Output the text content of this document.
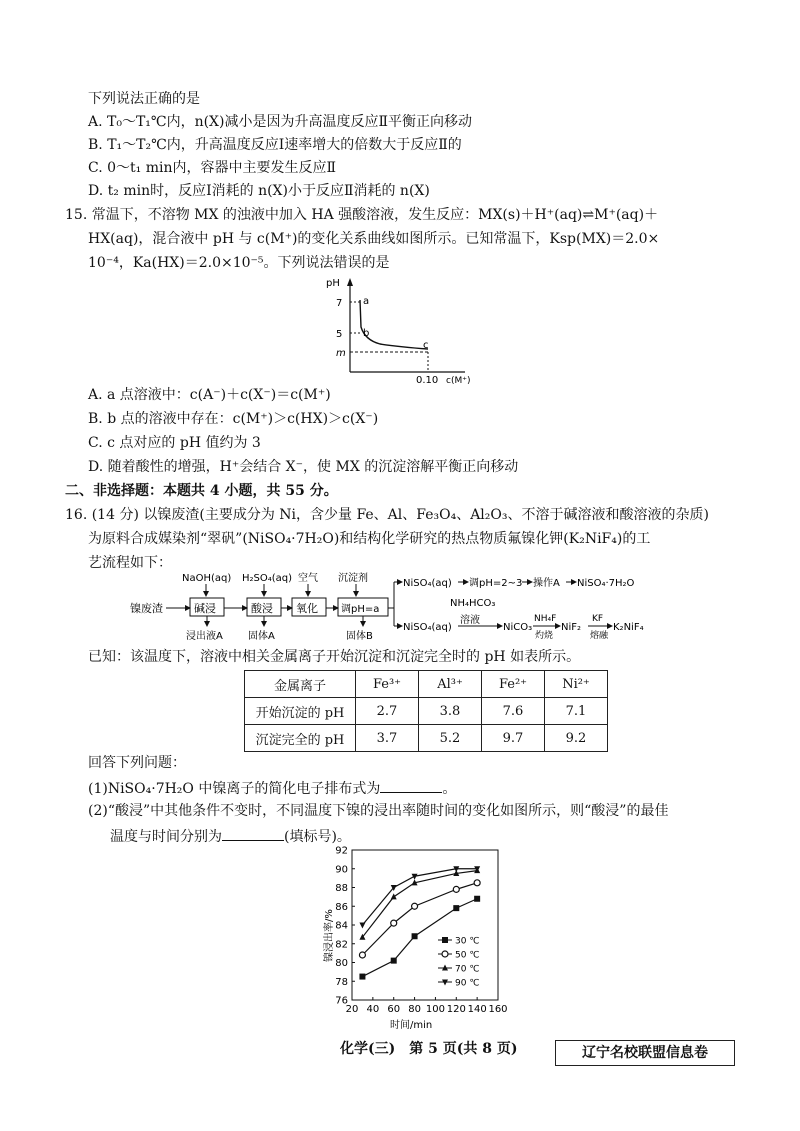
下列说法正确的是
A. T₀～T₁℃内，n(X)减小是因为升高温度反应Ⅱ平衡正向移动
B. T₁～T₂℃内，升高温度反应Ⅰ速率增大的倍数大于反应Ⅱ的
C. 0～t₁ min内，容器中主要发生反应Ⅱ
D. t₂ min时，反应Ⅰ消耗的 n(X)小于反应Ⅱ消耗的 n(X)
15. 常温下，不溶物 MX 的浊液中加入 HA 强酸溶液，发生反应：MX(s)＋H⁺(aq)⇌M⁺(aq)＋
HX(aq)，混合液中 pH 与 c(M⁺)的变化关系曲线如图所示。已知常温下，Ksp(MX)＝2.0×
10⁻⁴，Ka(HX)＝2.0×10⁻⁵。下列说法错误的是
pH
7
5
m
a
b
c
0.10 c(M⁺)
A. a 点溶液中：c(A⁻)＋c(X⁻)＝c(M⁺)
B. b 点的溶液中存在：c(M⁺)＞c(HX)＞c(X⁻)
C. c 点对应的 pH 值约为 3
D. 随着酸性的增强，H⁺会结合 X⁻，使 MX 的沉淀溶解平衡正向移动
二、非选择题：本题共 4 小题，共 55 分。
16. (14 分) 以镍废渣(主要成分为 Ni，含少量 Fe、Al、Fe₃O₄、Al₂O₃、不溶于碱溶液和酸溶液的杂质)
为原料合成媒染剂“翠矾”(NiSO₄·7H₂O)和结构化学研究的热点物质氟镍化钾(K₂NiF₄)的工
艺流程如下：
NaOH(aq) H₂SO₄(aq) 空气 沉淀剂
镍废渣	碱浸	酸浸 氧化 调pH=a
浸出液A	固体A	固体B
NiSO₄(aq) 调pH=2~3 操作A NiSO₄·7H₂O
NH₄HCO₃
溶液
NiSO₄(aq)	NiCO₃
NH₄F
灼烧
NiF₂
KF
熔融
K₂NiF₄
已知：该温度下，溶液中相关金属离子开始沉淀和沉淀完全时的 pH 如表所示。
金属离子	Fe³⁺	Al³⁺	Fe²⁺	Ni²⁺
开始沉淀的 pH	2.7	3.8	7.6	7.1
沉淀完全的 pH	3.7	5.2	9.7	9.2
回答下列问题：
(1)NiSO₄·7H₂O 中镍离子的简化电子排布式为	。
(2)“酸浸”中其他条件不变时，不同温度下镍的浸出率随时间的变化如图所示，则“酸浸”的最佳
温度与时间分别为	(填标号)。
镍浸出率/%
时间/min
76
78
80
82
84
86
88
90
92
20 40 60 80 100 120 140 160
30 ℃
50 ℃
70 ℃
90 ℃
化学(三)　第 5 页(共 8 页)	辽宁名校联盟信息卷
